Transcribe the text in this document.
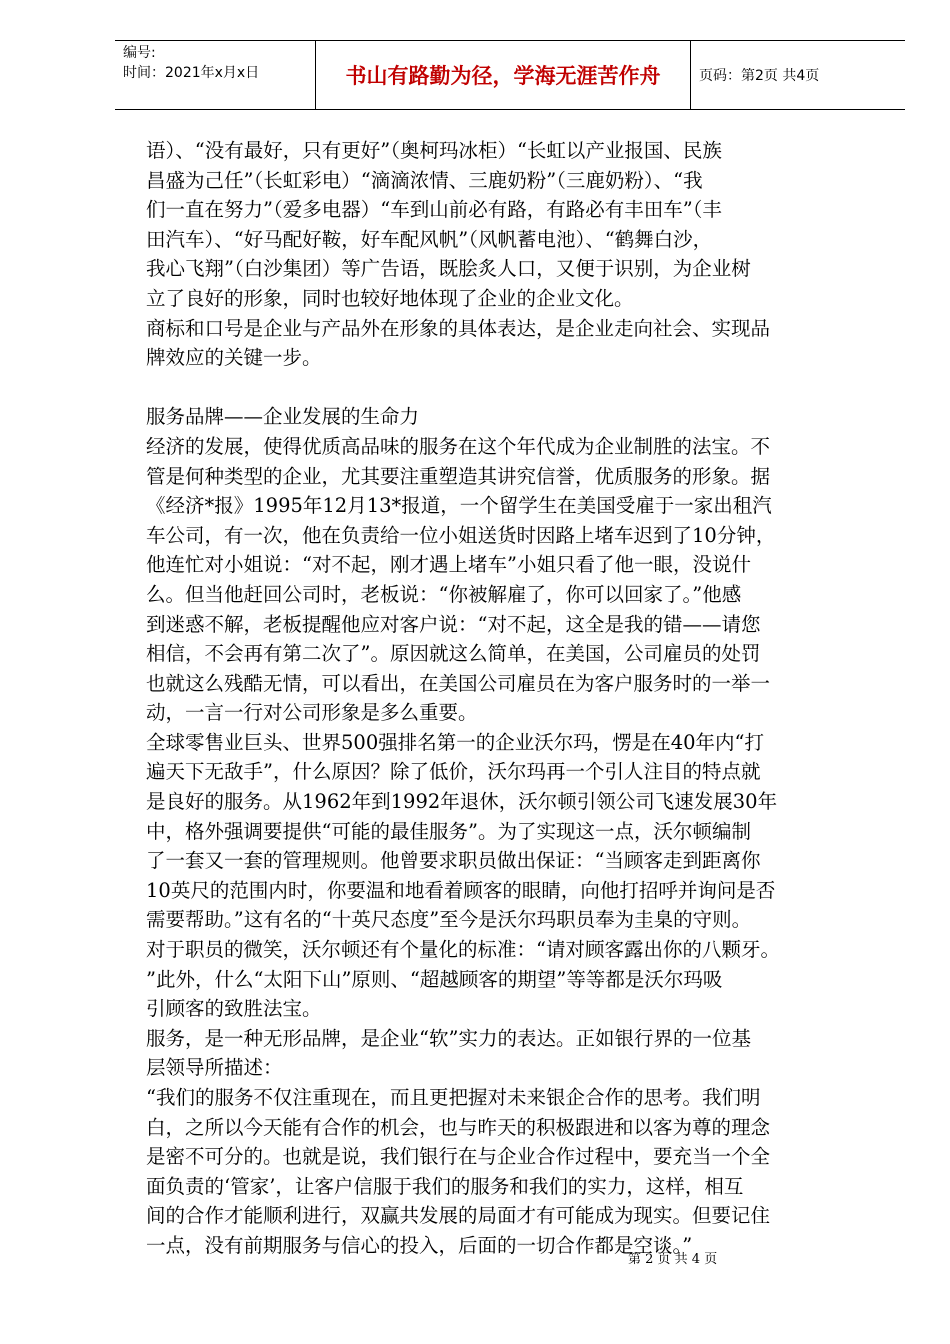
编号:
时间：2021年x月x日	书山有路勤为径，学海无涯苦作舟	页码：第2页 共4页

语）、“没有最好，只有更好”（奥柯玛冰柜）“长虹以产业报国、民族

昌盛为己任”（长虹彩电）“滴滴浓情、三鹿奶粉”（三鹿奶粉）、“我

们一直在努力”（爱多电器）“车到山前必有路，有路必有丰田车”（丰

田汽车）、“好马配好鞍，好车配风帆”（风帆蓄电池）、“鹤舞白沙，

我心飞翔”（白沙集团）等广告语，既脍炙人口，又便于识别，为企业树

立了良好的形象，同时也较好地体现了企业的企业文化。

商标和口号是企业与产品外在形象的具体表达，是企业走向社会、实现品

牌效应的关键一步。

服务品牌——企业发展的生命力

经济的发展，使得优质高品味的服务在这个年代成为企业制胜的法宝。不

管是何种类型的企业，尤其要注重塑造其讲究信誉，优质服务的形象。据

《经济*报》1995年12月13*报道，一个留学生在美国受雇于一家出租汽

车公司，有一次，他在负责给一位小姐送货时因路上堵车迟到了10分钟，

他连忙对小姐说：“对不起，刚才遇上堵车”小姐只看了他一眼，没说什

么。但当他赶回公司时，老板说：“你被解雇了，你可以回家了。”他感

到迷惑不解，老板提醒他应对客户说：“对不起，这全是我的错——请您

相信，不会再有第二次了”。原因就这么简单，在美国，公司雇员的处罚

也就这么残酷无情，可以看出，在美国公司雇员在为客户服务时的一举一

动，一言一行对公司形象是多么重要。

全球零售业巨头、世界500强排名第一的企业沃尔玛，愣是在40年内“打

遍天下无敌手”，什么原因？除了低价，沃尔玛再一个引人注目的特点就

是良好的服务。从1962年到1992年退休，沃尔顿引领公司飞速发展30年

中，格外强调要提供“可能的最佳服务”。为了实现这一点，沃尔顿编制

了一套又一套的管理规则。他曾要求职员做出保证：“当顾客走到距离你

10英尺的范围内时，你要温和地看着顾客的眼睛，向他打招呼并询问是否

需要帮助。”这有名的“十英尺态度”至今是沃尔玛职员奉为圭臬的守则。

对于职员的微笑，沃尔顿还有个量化的标准：“请对顾客露出你的八颗牙。

”此外，什么“太阳下山”原则、“超越顾客的期望”等等都是沃尔玛吸

引顾客的致胜法宝。

服务，是一种无形品牌，是企业“软”实力的表达。正如银行界的一位基

层领导所描述：

“我们的服务不仅注重现在，而且更把握对未来银企合作的思考。我们明

白，之所以今天能有合作的机会，也与昨天的积极跟进和以客为尊的理念

是密不可分的。也就是说，我们银行在与企业合作过程中，要充当一个全

面负责的‘管家’，让客户信服于我们的服务和我们的实力，这样，相互

间的合作才能顺利进行，双赢共发展的局面才有可能成为现实。但要记住

一点，没有前期服务与信心的投入，后面的一切合作都是空谈。”

第 2 页 共 4 页
